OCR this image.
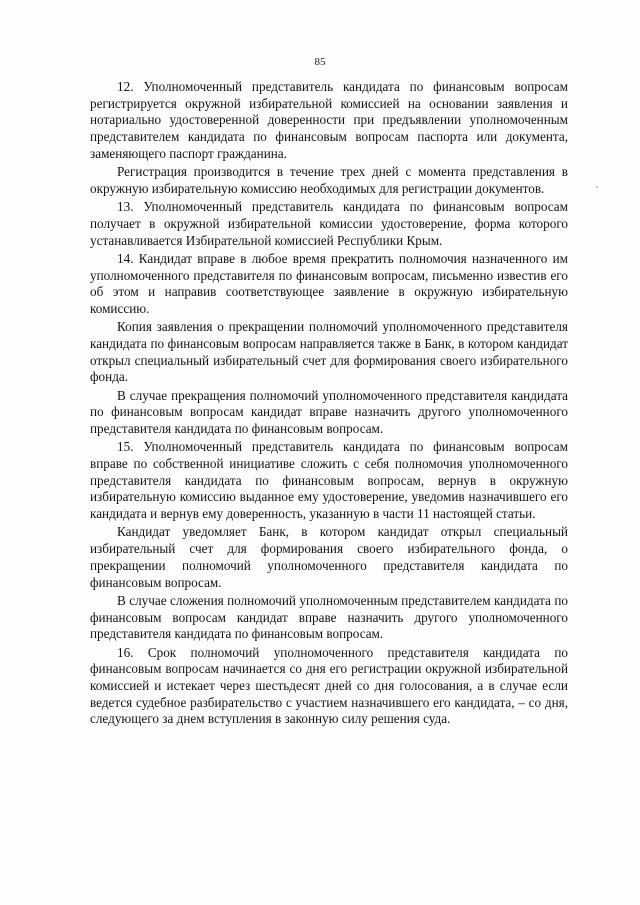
85

12. Уполномоченный представитель кандидата по финансовым вопросам регистрируется окружной избирательной комиссией на основании заявления и нотариально удостоверенной доверенности при предъявлении уполномоченным представителем кандидата по финансовым вопросам паспорта или документа, заменяющего паспорт гражданина.

Регистрация производится в течение трех дней с момента представления в окружную избирательную комиссию необходимых для регистрации документов.

13. Уполномоченный представитель кандидата по финансовым вопросам получает в окружной избирательной комиссии удостоверение, форма которого устанавливается Избирательной комиссией Республики Крым.

14. Кандидат вправе в любое время прекратить полномочия назначенного им уполномоченного представителя по финансовым вопросам, письменно известив его об этом и направив соответствующее заявление в окружную избирательную комиссию.

Копия заявления о прекращении полномочий уполномоченного представителя кандидата по финансовым вопросам направляется также в Банк, в котором кандидат открыл специальный избирательный счет для формирования своего избирательного фонда.

В случае прекращения полномочий уполномоченного представителя кандидата по финансовым вопросам кандидат вправе назначить другого уполномоченного представителя кандидата по финансовым вопросам.

15. Уполномоченный представитель кандидата по финансовым вопросам вправе по собственной инициативе сложить с себя полномочия уполномоченного представителя кандидата по финансовым вопросам, вернув в окружную избирательную комиссию выданное ему удостоверение, уведомив назначившего его кандидата и вернув ему доверенность, указанную в части 11 настоящей статьи.

Кандидат уведомляет Банк, в котором кандидат открыл специальный избирательный счет для формирования своего избирательного фонда, о прекращении полномочий уполномоченного представителя кандидата по финансовым вопросам.

В случае сложения полномочий уполномоченным представителем кандидата по финансовым вопросам кандидат вправе назначить другого уполномоченного представителя кандидата по финансовым вопросам.

16. Срок полномочий уполномоченного представителя кандидата по финансовым вопросам начинается со дня его регистрации окружной избирательной комиссией и истекает через шестьдесят дней со дня голосования, а в случае если ведется судебное разбирательство с участием назначившего его кандидата, – со дня, следующего за днем вступления в законную силу решения суда.
